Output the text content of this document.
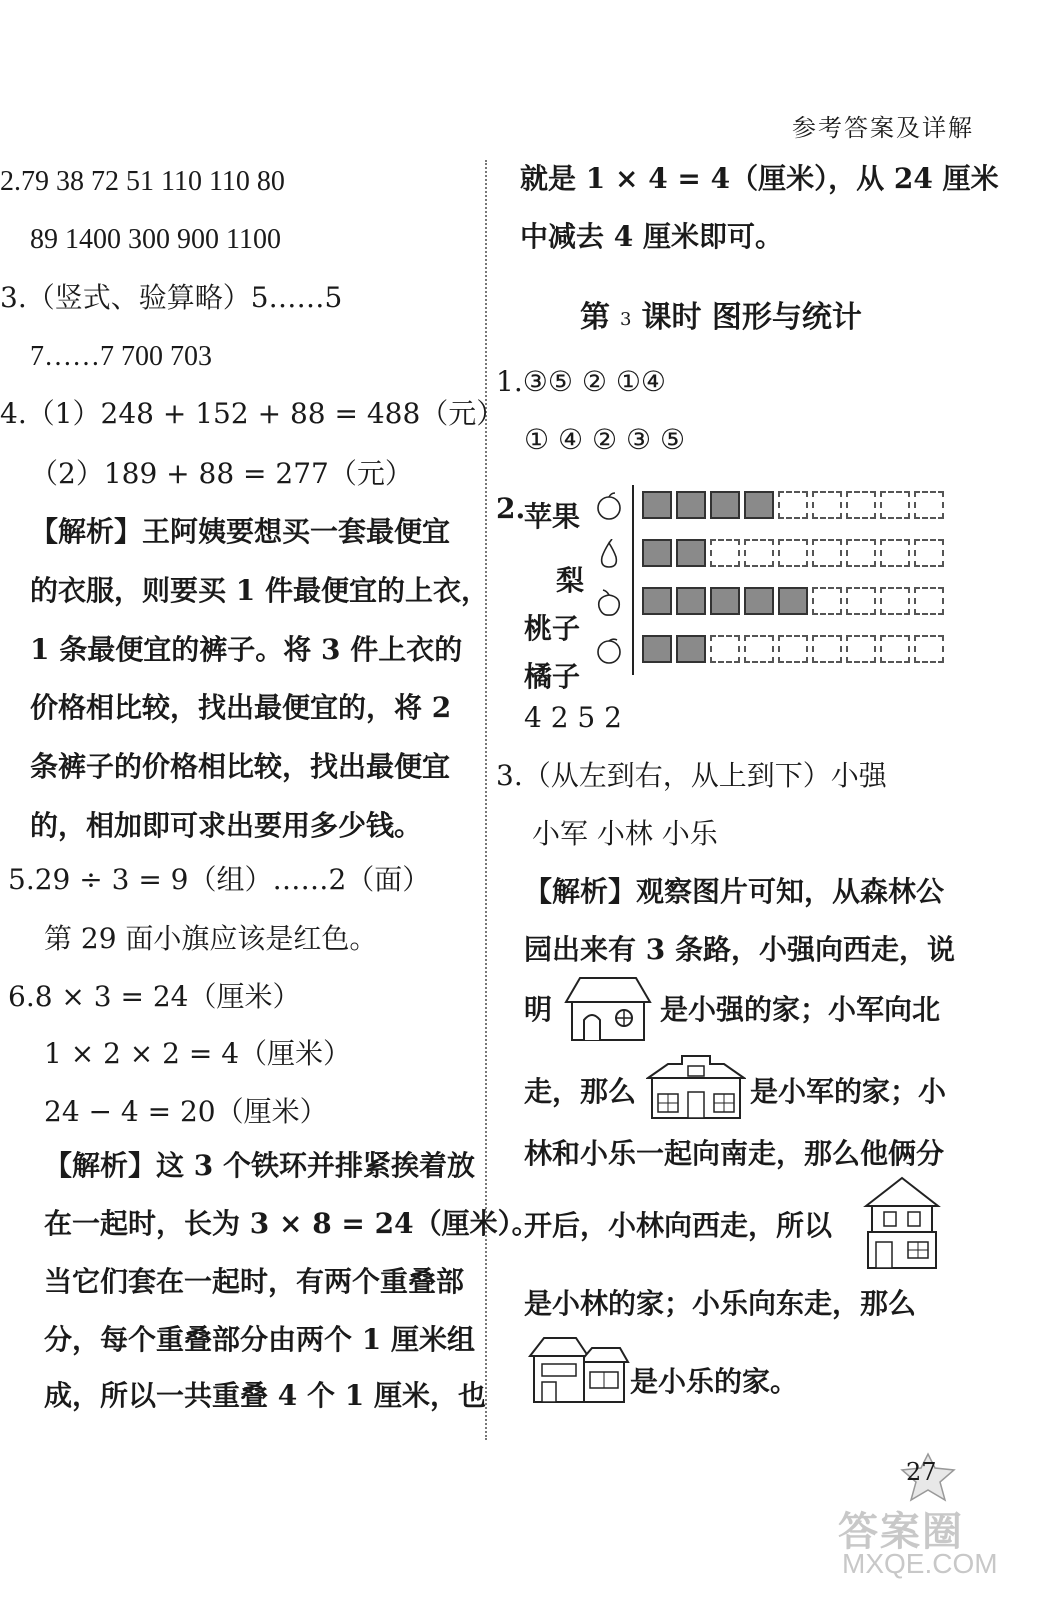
参考答案及详解
2.79 38 72 51 110 110 80
89 1400 300 900 1100
3.（竖式、验算略）5……5
7……7 700 703
4.（1）248 + 152 + 88 = 488（元）
（2）189 + 88 = 277（元）
【解析】王阿姨要想买一套最便宜
的衣服，则要买 1 件最便宜的上衣，
1 条最便宜的裤子。将 3 件上衣的
价格相比较，找出最便宜的，将 2
条裤子的价格相比较，找出最便宜
的，相加即可求出要用多少钱。
5.29 ÷ 3 = 9（组）……2（面）
第 29 面小旗应该是红色。
6.8 × 3 = 24（厘米）
1 × 2 × 2 = 4（厘米）
24 − 4 = 20（厘米）
【解析】这 3 个铁环并排紧挨着放
在一起时，长为 3 × 8 = 24（厘米）。
当它们套在一起时，有两个重叠部
分，每个重叠部分由两个 1 厘米组
成，所以一共重叠 4 个 1 厘米，也
就是 1 × 4 = 4（厘米），从 24 厘米
中减去 4 厘米即可。
第 3 课时 图形与统计
1.③⑤ ② ①④
① ④ ② ③ ⑤
2.
苹果
梨
桃子
橘子
4 2 5 2
3.（从左到右，从上到下）小强
小军 小林 小乐
【解析】观察图片可知，从森林公
园出来有 3 条路，小强向西走，说
明	是小强的家；小军向北
走，那么	是小军的家；小
林和小乐一起向南走，那么他俩分
开后，小林向西走，所以
是小林的家；小乐向东走，那么
是小乐的家。
27
答案圈
MXQE.COM
